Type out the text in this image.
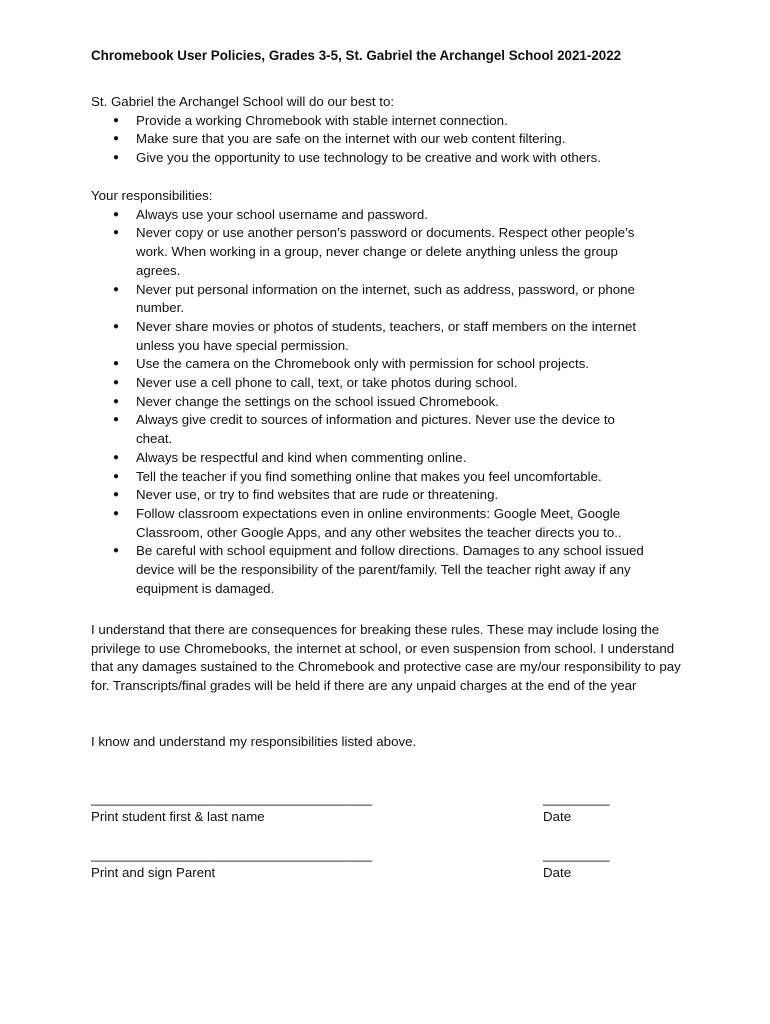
Chromebook User Policies, Grades 3-5, St. Gabriel the Archangel School 2021-2022

St. Gabriel the Archangel School will do our best to:

● Provide a working Chromebook with stable internet connection.
● Make sure that you are safe on the internet with our web content filtering.
● Give you the opportunity to use technology to be creative and work with others.

Your responsibilities:

● Always use your school username and password.
● Never copy or use another person’s password or documents. Respect other people’s work. When working in a group, never change or delete anything unless the group agrees.
● Never put personal information on the internet, such as address, password, or phone number.
● Never share movies or photos of students, teachers, or staff members on the internet unless you have special permission.
● Use the camera on the Chromebook only with permission for school projects.
● Never use a cell phone to call, text, or take photos during school.
● Never change the settings on the school issued Chromebook.
● Always give credit to sources of information and pictures. Never use the device to cheat.
● Always be respectful and kind when commenting online.
● Tell the teacher if you find something online that makes you feel uncomfortable.
● Never use, or try to find websites that are rude or threatening.
● Follow classroom expectations even in online environments: Google Meet, Google Classroom, other Google Apps, and any other websites the teacher directs you to..
● Be careful with school equipment and follow directions. Damages to any school issued device will be the responsibility of the parent/family. Tell the teacher right away if any equipment is damaged.
I understand that there are consequences for breaking these rules. These may include losing the privilege to use Chromebooks, the internet at school, or even suspension from school. I understand that any damages sustained to the Chromebook and protective case are my/our responsibility to pay for. Transcripts/final grades will be held if there are any unpaid charges at the end of the year
I know and understand my responsibilities listed above.
______________________________________	_________
Print student first & last name	Date
______________________________________	_________
Print and sign Parent	Date
